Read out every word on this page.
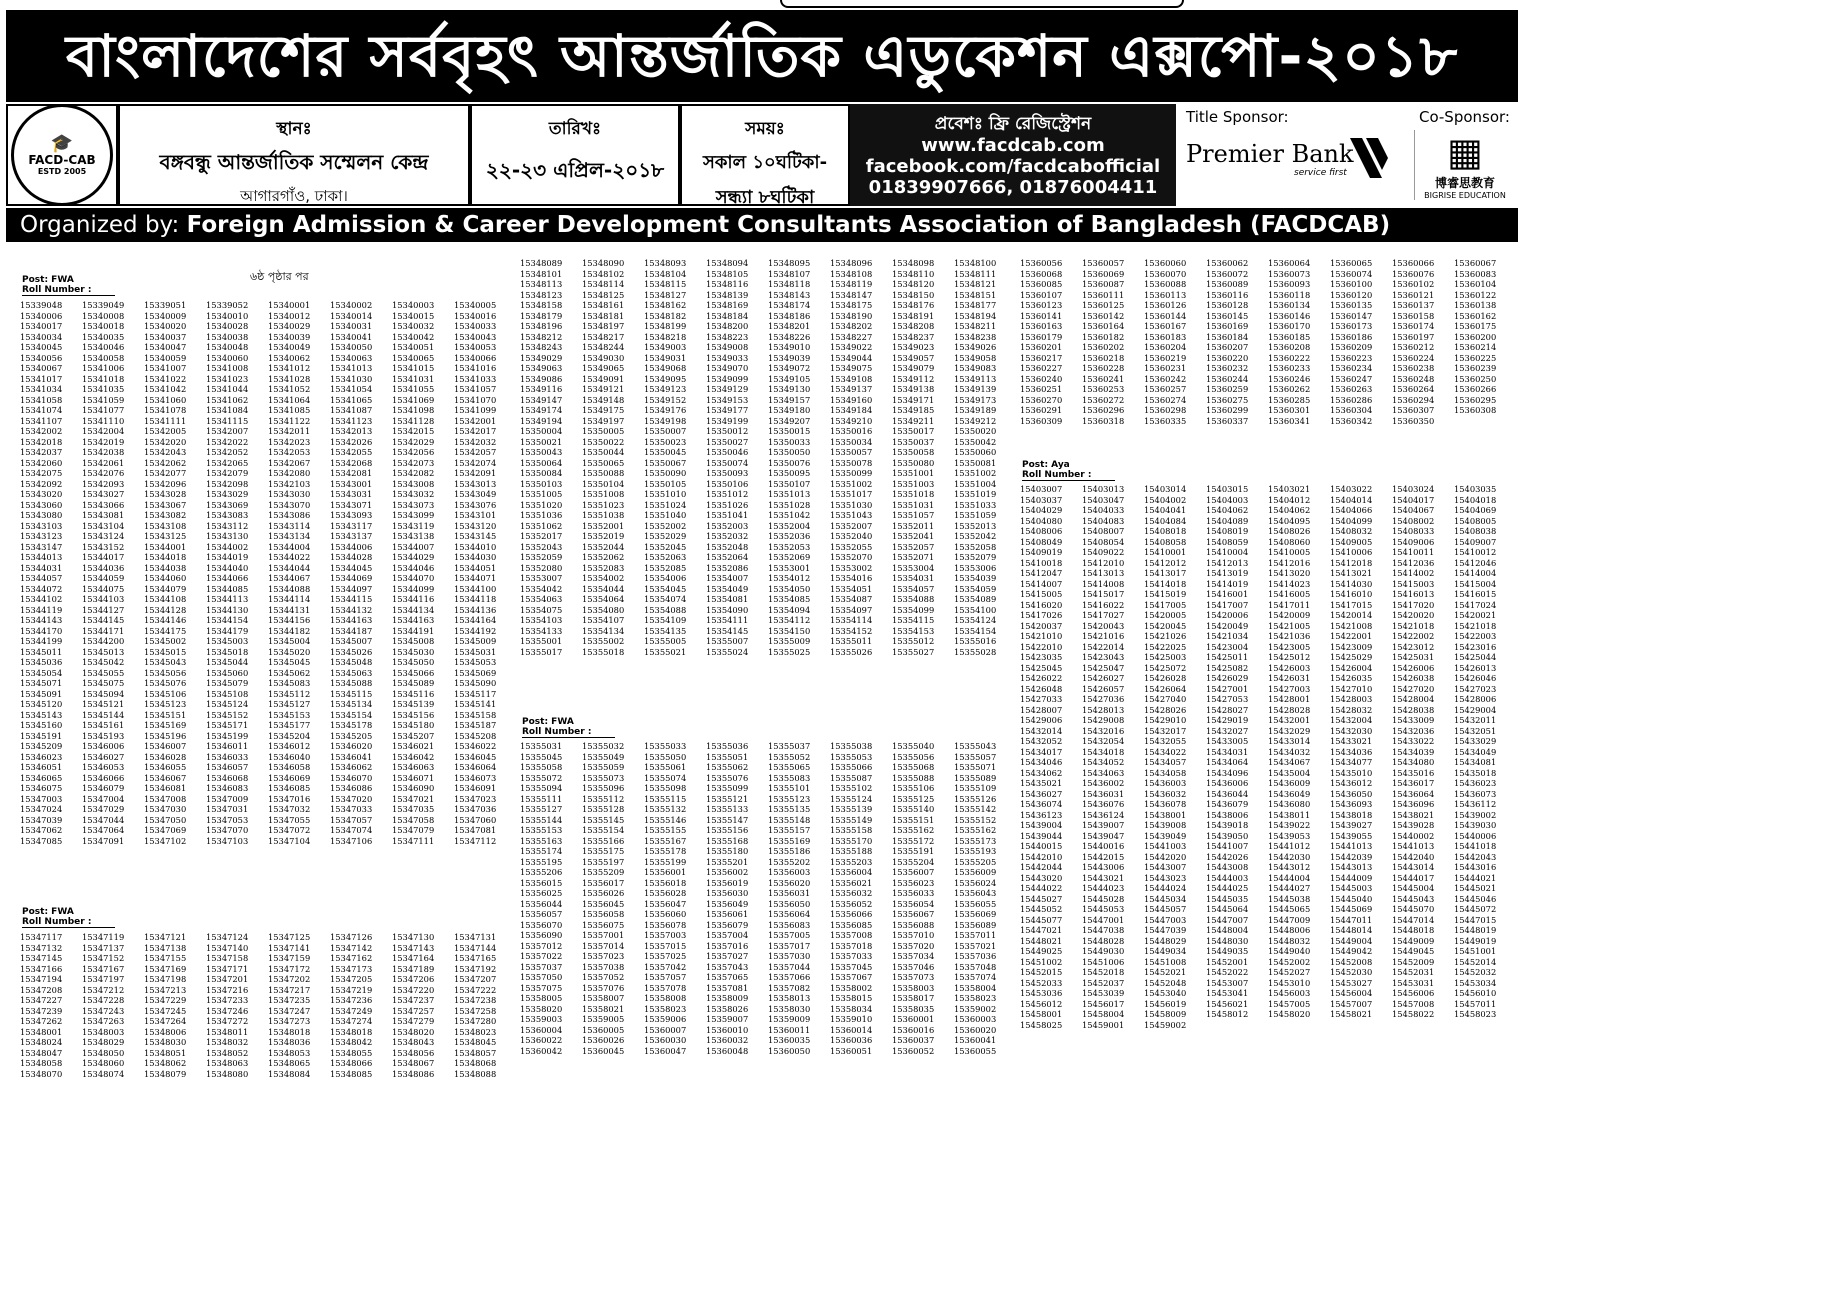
বাংলাদেশের সর্ববৃহৎ আন্তর্জাতিক এডুকেশন এক্সপো-২০১৮
🎓
FACD-CAB
ESTD 2005
স্থানঃ
বঙ্গবন্ধু আন্তর্জাতিক সম্মেলন কেন্দ্র
আগারগাঁও, ঢাকা।
তারিখঃ
২২-২৩ এপ্রিল-২০১৮
সময়ঃ
সকাল ১০ঘটিকা-
সন্ধ্যা ৮ঘটিকা
প্রবেশঃ ফ্রি রেজিস্ট্রেশন
www.facdcab.com
facebook.com/facdcabofficial
01839907666, 01876004411
Title Sponsor:	Co-Sponsor:
Premier Bank
service first	▦
博睿思教育
BIGRISE EDUCATION
Organized by: Foreign Admission & Career Development Consultants Association of Bangladesh (FACDCAB)
৬ষ্ঠ পৃষ্ঠার পর
Post: FWA
Roll Number :
Post: FWA
Roll Number :
Post: FWA
Roll Number :
Post: Aya
Roll Number :
15339048 15339049 15339051 15339052 15340001 15340002 15340003 15340005
15340006 15340008 15340009 15340010 15340012 15340014 15340015 15340016
15340017 15340018 15340020 15340028 15340029 15340031 15340032 15340033
15340034 15340035 15340037 15340038 15340039 15340041 15340042 15340043
15340045 15340046 15340047 15340048 15340049 15340050 15340051 15340053
15340056 15340058 15340059 15340060 15340062 15340063 15340065 15340066
15340067 15341006 15341007 15341008 15341012 15341013 15341015 15341016
15341017 15341018 15341022 15341023 15341028 15341030 15341031 15341033
15341034 15341035 15341042 15341044 15341052 15341054 15341055 15341057
15341058 15341059 15341060 15341062 15341064 15341065 15341069 15341070
15341074 15341077 15341078 15341084 15341085 15341087 15341098 15341099
15341107 15341110 15341111 15341115 15341122 15341123 15341128 15342001
15342002 15342004 15342005 15342007 15342011 15342013 15342015 15342017
15342018 15342019 15342020 15342022 15342023 15342026 15342029 15342032
15342037 15342038 15342043 15342052 15342053 15342055 15342056 15342057
15342060 15342061 15342062 15342065 15342067 15342068 15342073 15342074
15342075 15342076 15342077 15342079 15342080 15342081 15342082 15342091
15342092 15342093 15342096 15342098 15342103 15343001 15343008 15343013
15343020 15343027 15343028 15343029 15343030 15343031 15343032 15343049
15343060 15343066 15343067 15343069 15343070 15343071 15343073 15343076
15343080 15343081 15343082 15343083 15343086 15343093 15343099 15343101
15343103 15343104 15343108 15343112 15343114 15343117 15343119 15343120
15343123 15343124 15343125 15343130 15343134 15343137 15343138 15343145
15343147 15343152 15344001 15344002 15344004 15344006 15344007 15344010
15344013 15344017 15344018 15344019 15344022 15344028 15344029 15344030
15344031 15344036 15344038 15344040 15344044 15344045 15344046 15344051
15344057 15344059 15344060 15344066 15344067 15344069 15344070 15344071
15344072 15344075 15344079 15344085 15344088 15344097 15344099 15344100
15344102 15344103 15344108 15344113 15344114 15344115 15344116 15344118
15344119 15344127 15344128 15344130 15344131 15344132 15344134 15344136
15344143 15344145 15344146 15344154 15344156 15344163 15344163 15344164
15344170 15344171 15344175 15344179 15344182 15344187 15344191 15344192
15344199 15344200 15345002 15345003 15345004 15345007 15345008 15345009
15345011 15345013 15345015 15345018 15345020 15345026 15345030 15345031
15345036 15345042 15345043 15345044 15345045 15345048 15345050 15345053
15345054 15345055 15345056 15345060 15345062 15345063 15345066 15345069
15345071 15345075 15345076 15345079 15345083 15345088 15345089 15345090
15345091 15345094 15345106 15345108 15345112 15345115 15345116 15345117
15345120 15345121 15345123 15345124 15345127 15345134 15345139 15345141
15345143 15345144 15345151 15345152 15345153 15345154 15345156 15345158
15345160 15345161 15345169 15345171 15345177 15345178 15345180 15345187
15345191 15345193 15345196 15345199 15345204 15345205 15345207 15345208
15345209 15346006 15346007 15346011 15346012 15346020 15346021 15346022
15346023 15346027 15346028 15346033 15346040 15346041 15346042 15346045
15346051 15346053 15346055 15346057 15346058 15346062 15346063 15346064
15346065 15346066 15346067 15346068 15346069 15346070 15346071 15346073
15346075 15346079 15346081 15346083 15346085 15346086 15346090 15346091
15347003 15347004 15347008 15347009 15347016 15347020 15347021 15347023
15347024 15347029 15347030 15347031 15347032 15347033 15347035 15347036
15347039 15347044 15347050 15347053 15347055 15347057 15347058 15347060
15347062 15347064 15347069 15347070 15347072 15347074 15347079 15347081
15347085 15347091 15347102 15347103 15347104 15347106 15347111 15347112
15347117 15347119 15347121 15347124 15347125 15347126 15347130 15347131
15347132 15347137 15347138 15347140 15347141 15347142 15347143 15347144
15347145 15347152 15347155 15347158 15347159 15347162 15347164 15347165
15347166 15347167 15347169 15347171 15347172 15347173 15347189 15347192
15347194 15347197 15347198 15347201 15347202 15347205 15347206 15347207
15347208 15347212 15347213 15347216 15347217 15347219 15347220 15347222
15347227 15347228 15347229 15347233 15347235 15347236 15347237 15347238
15347239 15347243 15347245 15347246 15347247 15347249 15347257 15347258
15347262 15347263 15347264 15347272 15347273 15347274 15347279 15347280
15348001 15348003 15348006 15348011 15348018 15348018 15348020 15348023
15348024 15348029 15348030 15348032 15348036 15348042 15348043 15348045
15348047 15348050 15348051 15348052 15348053 15348055 15348056 15348057
15348058 15348060 15348062 15348063 15348065 15348066 15348067 15348068
15348070 15348074 15348079 15348080 15348084 15348085 15348086 15348088
15348089 15348090 15348093 15348094 15348095 15348096 15348098 15348100
15348101 15348102 15348104 15348105 15348107 15348108 15348110 15348111
15348113 15348114 15348115 15348116 15348118 15348119 15348120 15348121
15348123 15348125 15348127 15348139 15348143 15348147 15348150 15348151
15348158 15348161 15348162 15348169 15348174 15348175 15348176 15348177
15348179 15348181 15348182 15348184 15348186 15348190 15348191 15348194
15348196 15348197 15348199 15348200 15348201 15348202 15348208 15348211
15348212 15348217 15348218 15348223 15348226 15348227 15348237 15348238
15348243 15348244 15349003 15349008 15349010 15349022 15349023 15349026
15349029 15349030 15349031 15349033 15349039 15349044 15349057 15349058
15349063 15349065 15349068 15349070 15349072 15349075 15349079 15349083
15349086 15349091 15349095 15349099 15349105 15349108 15349112 15349113
15349116 15349121 15349123 15349129 15349130 15349137 15349138 15349139
15349147 15349148 15349152 15349153 15349157 15349160 15349171 15349173
15349174 15349175 15349176 15349177 15349180 15349184 15349185 15349189
15349194 15349197 15349198 15349199 15349207 15349210 15349211 15349212
15350004 15350005 15350007 15350012 15350015 15350016 15350017 15350020
15350021 15350022 15350023 15350027 15350033 15350034 15350037 15350042
15350043 15350044 15350045 15350046 15350050 15350057 15350058 15350060
15350064 15350065 15350067 15350074 15350076 15350078 15350080 15350081
15350084 15350088 15350090 15350093 15350095 15350099 15351001 15351002
15350103 15350104 15350105 15350106 15350107 15351002 15351003 15351004
15351005 15351008 15351010 15351012 15351013 15351017 15351018 15351019
15351020 15351023 15351024 15351026 15351028 15351030 15351031 15351033
15351036 15351038 15351040 15351041 15351042 15351043 15351057 15351059
15351062 15352001 15352002 15352003 15352004 15352007 15352011 15352013
15352017 15352019 15352029 15352032 15352036 15352040 15352041 15352042
15352043 15352044 15352045 15352048 15352053 15352055 15352057 15352058
15352059 15352062 15352063 15352064 15352069 15352070 15352071 15352079
15352080 15352083 15352085 15352086 15353001 15353002 15353004 15353006
15353007 15354002 15354006 15354007 15354012 15354016 15354031 15354039
15354042 15354044 15354045 15354049 15354050 15354051 15354057 15354059
15354063 15354064 15354074 15354081 15354085 15354087 15354088 15354089
15354075 15354080 15354088 15354090 15354094 15354097 15354099 15354100
15354103 15354107 15354109 15354111 15354112 15354114 15354115 15354124
15354133 15354134 15354135 15354145 15354150 15354152 15354153 15354154
15355001 15355002 15355005 15355007 15355009 15355011 15355012 15355016
15355017 15355018 15355021 15355024 15355025 15355026 15355027 15355028
15355031 15355032 15355033 15355036 15355037 15355038 15355040 15355043
15355045 15355049 15355050 15355051 15355052 15355053 15355056 15355057
15355058 15355059 15355061 15355062 15355065 15355066 15355068 15355071
15355072 15355073 15355074 15355076 15355083 15355087 15355088 15355089
15355094 15355096 15355098 15355099 15355101 15355102 15355106 15355109
15355111 15355112 15355115 15355121 15355123 15355124 15355125 15355126
15355127 15355128 15355132 15355133 15355135 15355139 15355140 15355142
15355144 15355145 15355146 15355147 15355148 15355149 15355151 15355152
15355153 15355154 15355155 15355156 15355157 15355158 15355162 15355162
15355163 15355166 15355167 15355168 15355169 15355170 15355172 15355173
15355174 15355175 15355178 15355180 15355186 15355188 15355191 15355193
15355195 15355197 15355199 15355201 15355202 15355203 15355204 15355205
15355206 15355209 15356001 15356002 15356003 15356004 15356007 15356009
15356015 15356017 15356018 15356019 15356020 15356021 15356023 15356024
15356025 15356026 15356028 15356030 15356031 15356032 15356033 15356043
15356044 15356045 15356047 15356049 15356050 15356052 15356054 15356055
15356057 15356058 15356060 15356061 15356064 15356066 15356067 15356069
15356070 15356075 15356078 15356079 15356083 15356085 15356088 15356089
15356090 15357001 15357003 15357004 15357005 15357008 15357010 15357011
15357012 15357014 15357015 15357016 15357017 15357018 15357020 15357021
15357022 15357023 15357025 15357027 15357030 15357033 15357034 15357036
15357037 15357038 15357042 15357043 15357044 15357045 15357046 15357048
15357050 15357052 15357057 15357065 15357066 15357067 15357073 15357074
15357075 15357076 15357078 15357081 15357082 15358002 15358003 15358004
15358005 15358007 15358008 15358009 15358013 15358015 15358017 15358023
15358020 15358021 15358023 15358026 15358030 15358034 15358035 15359002
15359003 15359005 15359006 15359007 15359009 15359010 15360001 15360003
15360004 15360005 15360007 15360010 15360011 15360014 15360016 15360020
15360022 15360026 15360030 15360032 15360035 15360036 15360037 15360041
15360042 15360045 15360047 15360048 15360050 15360051 15360052 15360055
15360056 15360057 15360060 15360062 15360064 15360065 15360066 15360067
15360068 15360069 15360070 15360072 15360073 15360074 15360076 15360083
15360085 15360087 15360088 15360089 15360093 15360100 15360102 15360104
15360107 15360111 15360113 15360116 15360118 15360120 15360121 15360122
15360123 15360125 15360126 15360128 15360134 15360135 15360137 15360138
15360141 15360142 15360144 15360145 15360146 15360147 15360158 15360162
15360163 15360164 15360167 15360169 15360170 15360173 15360174 15360175
15360179 15360182 15360183 15360184 15360185 15360186 15360197 15360200
15360201 15360202 15360204 15360207 15360208 15360209 15360212 15360214
15360217 15360218 15360219 15360220 15360222 15360223 15360224 15360225
15360227 15360228 15360231 15360232 15360233 15360234 15360238 15360239
15360240 15360241 15360242 15360244 15360246 15360247 15360248 15360250
15360251 15360253 15360257 15360259 15360262 15360263 15360264 15360266
15360270 15360272 15360274 15360275 15360285 15360286 15360294 15360295
15360291 15360296 15360298 15360299 15360301 15360304 15360307 15360308
15360309 15360318 15360335 15360337 15360341 15360342 15360350
15403007 15403013 15403014 15403015 15403021 15403022 15403024 15403035
15403037 15403047 15404002 15404003 15404012 15404014 15404017 15404018
15404029 15404033 15404041 15404062 15404062 15404066 15404067 15404069
15404080 15404083 15404084 15404089 15404095 15404099 15408002 15408005
15408006 15408007 15408018 15408019 15408026 15408032 15408033 15408038
15408049 15408054 15408058 15408059 15408060 15409005 15409006 15409007
15409019 15409022 15410001 15410004 15410005 15410006 15410011 15410012
15410018 15412010 15412012 15412013 15412016 15412018 15412036 15412046
15412047 15413013 15413017 15413019 15413020 15413021 15414002 15414004
15414007 15414008 15414018 15414019 15414023 15414030 15415003 15415004
15415005 15415017 15415019 15416001 15416005 15416010 15416013 15416015
15416020 15416022 15417005 15417007 15417011 15417015 15417020 15417024
15417026 15417027 15420005 15420006 15420009 15420014 15420020 15420021
15420037 15420043 15420045 15420049 15421005 15421008 15421018 15421018
15421010 15421016 15421026 15421034 15421036 15422001 15422002 15422003
15422010 15422014 15422025 15423004 15423005 15423009 15423012 15423016
15423035 15423043 15425003 15425011 15425012 15425029 15425031 15425044
15425045 15425047 15425072 15425082 15426003 15426004 15426006 15426013
15426022 15426027 15426028 15426029 15426031 15426035 15426038 15426046
15426048 15426057 15426064 15427001 15427003 15427010 15427020 15427023
15427033 15427036 15427040 15427053 15428001 15428003 15428004 15428006
15428007 15428013 15428026 15428027 15428028 15428032 15428038 15429004
15429006 15429008 15429010 15429019 15432001 15432004 15433009 15432011
15432014 15432016 15432017 15432027 15432029 15432030 15432036 15432051
15432052 15432054 15432055 15433005 15433014 15433021 15433022 15433029
15434017 15434018 15434022 15434031 15434032 15434036 15434039 15434049
15434046 15434052 15434057 15434064 15434067 15434077 15434080 15434081
15434062 15434063 15434058 15434096 15435004 15435010 15435016 15435018
15435021 15436002 15436003 15436006 15436009 15436012 15436017 15436023
15436027 15436031 15436032 15436044 15436049 15436050 15436064 15436073
15436074 15436076 15436078 15436079 15436080 15436093 15436096 15436112
15436123 15436124 15438001 15438006 15438011 15438018 15438021 15439002
15439004 15439007 15439008 15439018 15439022 15439027 15439028 15439030
15439044 15439047 15439049 15439050 15439053 15439055 15440002 15440006
15440015 15440016 15441003 15441007 15441012 15441013 15441013 15441018
15442010 15442015 15442020 15442026 15442030 15442039 15442040 15442043
15442044 15443006 15443007 15443008 15443012 15443013 15443014 15443016
15443020 15443021 15443023 15444003 15444004 15444009 15444017 15444021
15444022 15444023 15444024 15444025 15444027 15445003 15445004 15445021
15445027 15445028 15445034 15445035 15445038 15445040 15445043 15445046
15445052 15445053 15445057 15445064 15445065 15445069 15445070 15445072
15445077 15447001 15447003 15447007 15447009 15447011 15447014 15447015
15447021 15447038 15447039 15448004 15448006 15448014 15448018 15448019
15448021 15448028 15448029 15448030 15448032 15449004 15449009 15449019
15449025 15449030 15449034 15449035 15449040 15449042 15449045 15451001
15451002 15451006 15451008 15452001 15452002 15452008 15452009 15452014
15452015 15452018 15452021 15452022 15452027 15452030 15452031 15452032
15452033 15452037 15452048 15453007 15453010 15453027 15453031 15453034
15453036 15453039 15453040 15453041 15456003 15456004 15456006 15456010
15456012 15456017 15456019 15456021 15457005 15457007 15457008 15457011
15458001 15458004 15458009 15458012 15458020 15458021 15458022 15458023
15458025 15459001 15459002
